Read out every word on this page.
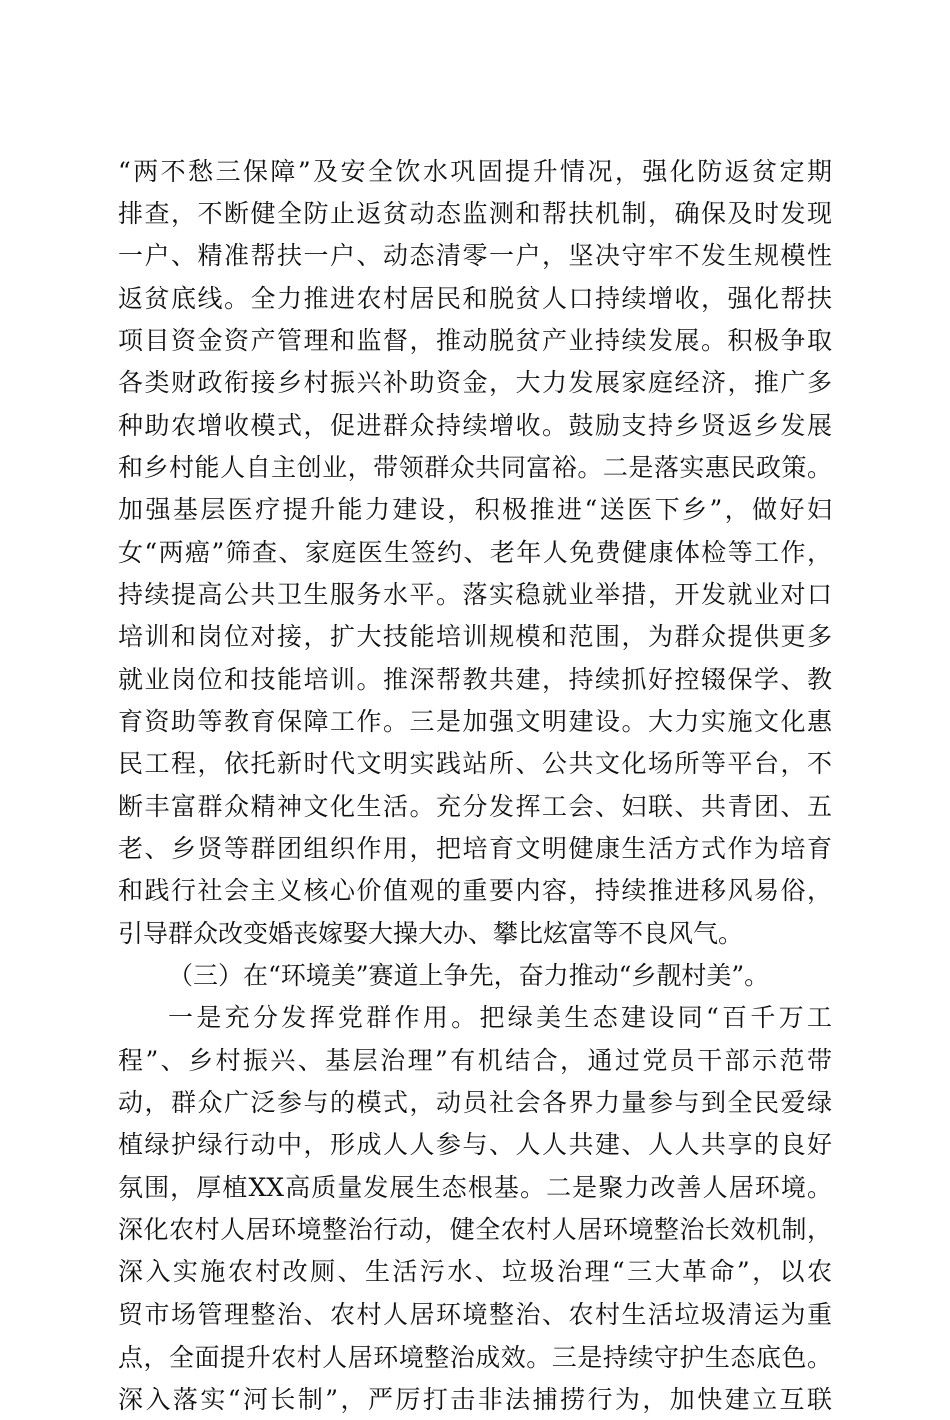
“两不愁三保障”及安全饮水巩固提升情况，强化防返贫定期
排查，不断健全防止返贫动态监测和帮扶机制，确保及时发现
一户、精准帮扶一户、动态清零一户，坚决守牢不发生规模性
返贫底线。全力推进农村居民和脱贫人口持续增收，强化帮扶
项目资金资产管理和监督，推动脱贫产业持续发展。积极争取
各类财政衔接乡村振兴补助资金，大力发展家庭经济，推广多
种助农增收模式，促进群众持续增收。鼓励支持乡贤返乡发展
和乡村能人自主创业，带领群众共同富裕。二是落实惠民政策。
加强基层医疗提升能力建设，积极推进“送医下乡”，做好妇
女“两癌”筛查、家庭医生签约、老年人免费健康体检等工作，
持续提高公共卫生服务水平。落实稳就业举措，开发就业对口
培训和岗位对接，扩大技能培训规模和范围，为群众提供更多
就业岗位和技能培训。推深帮教共建，持续抓好控辍保学、教
育资助等教育保障工作。三是加强文明建设。大力实施文化惠
民工程，依托新时代文明实践站所、公共文化场所等平台，不
断丰富群众精神文化生活。充分发挥工会、妇联、共青团、五
老、乡贤等群团组织作用，把培育文明健康生活方式作为培育
和践行社会主义核心价值观的重要内容，持续推进移风易俗，
引导群众改变婚丧嫁娶大操大办、攀比炫富等不良风气。
（三）在“环境美”赛道上争先，奋力推动“乡靓村美”。
一是充分发挥党群作用。把绿美生态建设同“百千万工
程”、乡村振兴、基层治理”有机结合，通过党员干部示范带
动，群众广泛参与的模式，动员社会各界力量参与到全民爱绿
植绿护绿行动中，形成人人参与、人人共建、人人共享的良好
氛围，厚植XX高质量发展生态根基。二是聚力改善人居环境。
深化农村人居环境整治行动，健全农村人居环境整治长效机制，
深入实施农村改厕、生活污水、垃圾治理“三大革命”，以农
贸市场管理整治、农村人居环境整治、农村生活垃圾清运为重
点，全面提升农村人居环境整治成效。三是持续守护生态底色。
深入落实“河长制”，严厉打击非法捕捞行为，加快建立互联
